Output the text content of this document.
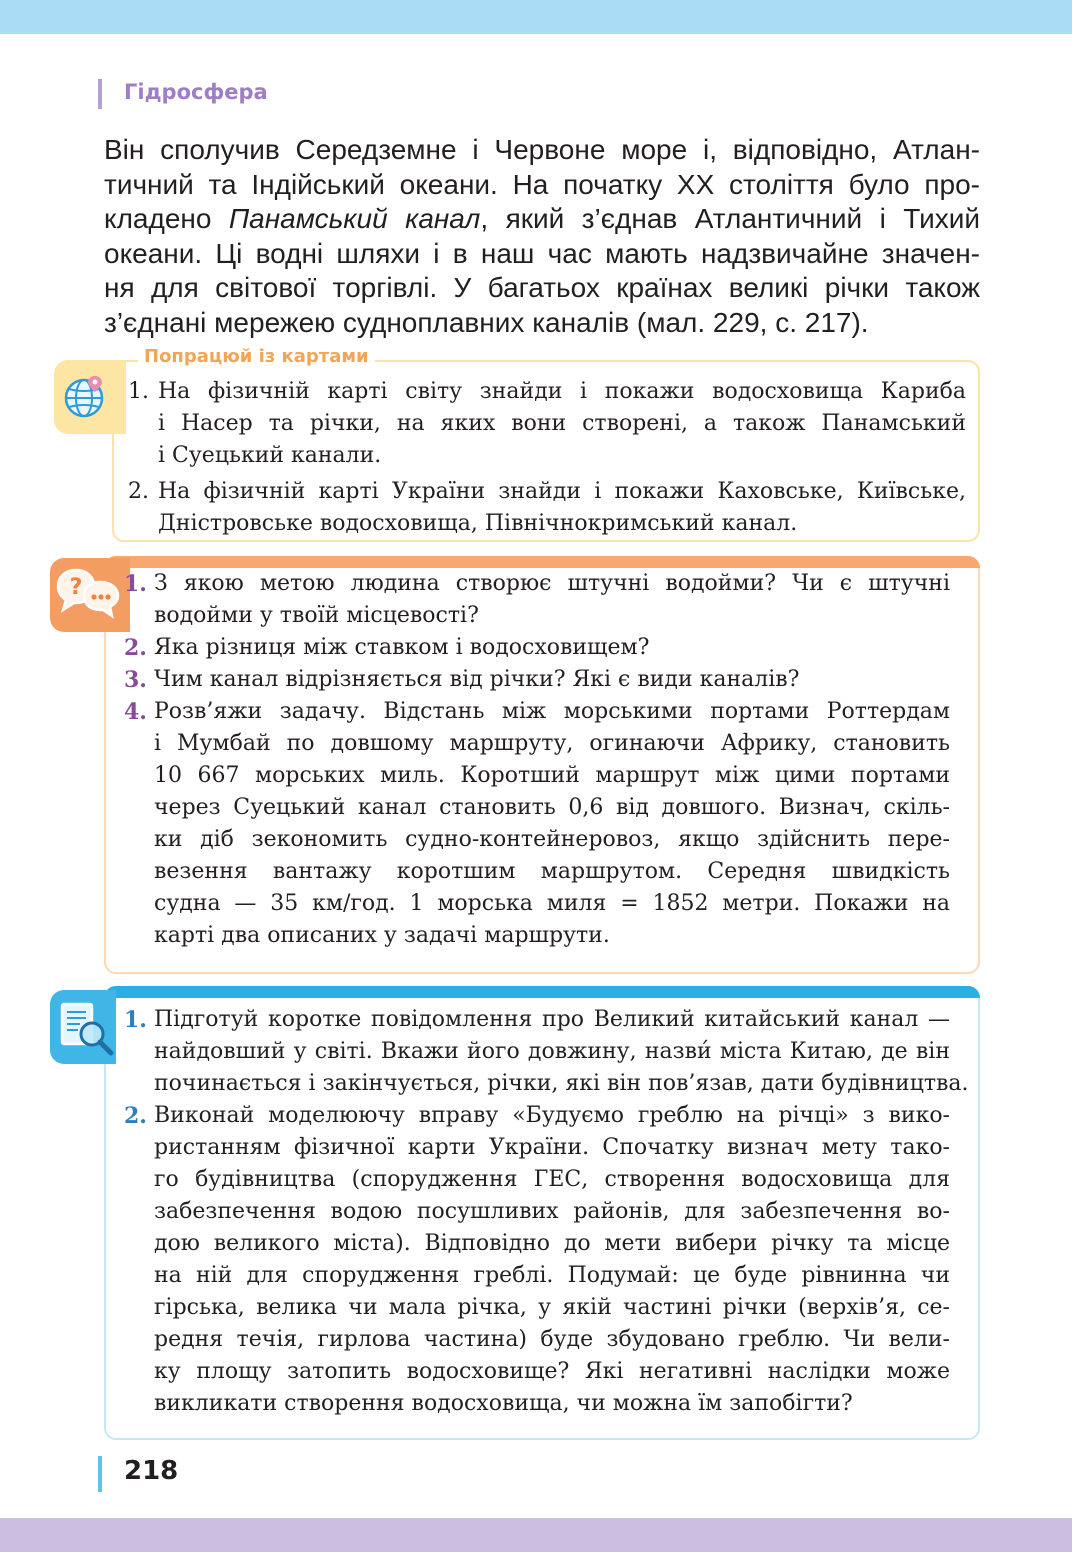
Гідросфера
Він сполучив Середземне і Червоне море і, відповідно, Атлан-
тичний та Індійський океани. На початку XX століття було про-
кладено Панамський канал, який з’єднав Атлантичний і Тихий
океани. Ці водні шляхи і в наш час мають надзвичайне значен-
ня для світової торгівлі. У багатьох країнах великі річки також
з’єднані мережею судноплавних каналів (мал. 229, с. 217).
Попрацюй із картами
1. На фізичній карті світу знайди і покажи водосховища Кариба
і Насер та річки, на яких вони створені, а також Панамський
і Суецький канали.
2. На фізичній карті України знайди і покажи Каховське, Київське,
Дністровське водосховища, Північнокримський канал.
? 1. З якою метою людина створює штучні водойми? Чи є штучні
водойми у твоїй місцевості?
2. Яка різниця між ставком і водосховищем?
3. Чим канал відрізняється від річки? Які є види каналів?
4. Розв’яжи задачу. Відстань між морськими портами Роттердам
і Мумбай по довшому маршруту, огинаючи Африку, становить
10 667 морських миль. Коротший маршрут між цими портами
через Суецький канал становить 0,6 від довшого. Визнач, скіль-
ки діб зекономить судно-контейнеровоз, якщо здійснить пере-
везення вантажу коротшим маршрутом. Середня швидкість
судна — 35 км/год. 1 морська миля = 1852 метри. Покажи на
карті два описаних у задачі маршрути.
1. Підготуй коротке повідомлення про Великий китайський канал —
найдовший у світі. Вкажи його довжину, назви́ міста Китаю, де він
починається і закінчується, річки, які він пов’язав, дати будівництва.
2. Виконай моделюючу вправу «Будуємо греблю на річці» з вико-
ристанням фізичної карти України. Спочатку визнач мету тако-
го будівництва (спорудження ГЕС, створення водосховища для
забезпечення водою посушливих районів, для забезпечення во-
дою великого міста). Відповідно до мети вибери річку та місце
на ній для спорудження греблі. Подумай: це буде рівнинна чи
гірська, велика чи мала річка, у якій частині річки (верхів’я, се-
редня течія, гирлова частина) буде збудовано греблю. Чи вели-
ку площу затопить водосховище? Які негативні наслідки може
викликати створення водосховища, чи можна їм запобігти?
218
